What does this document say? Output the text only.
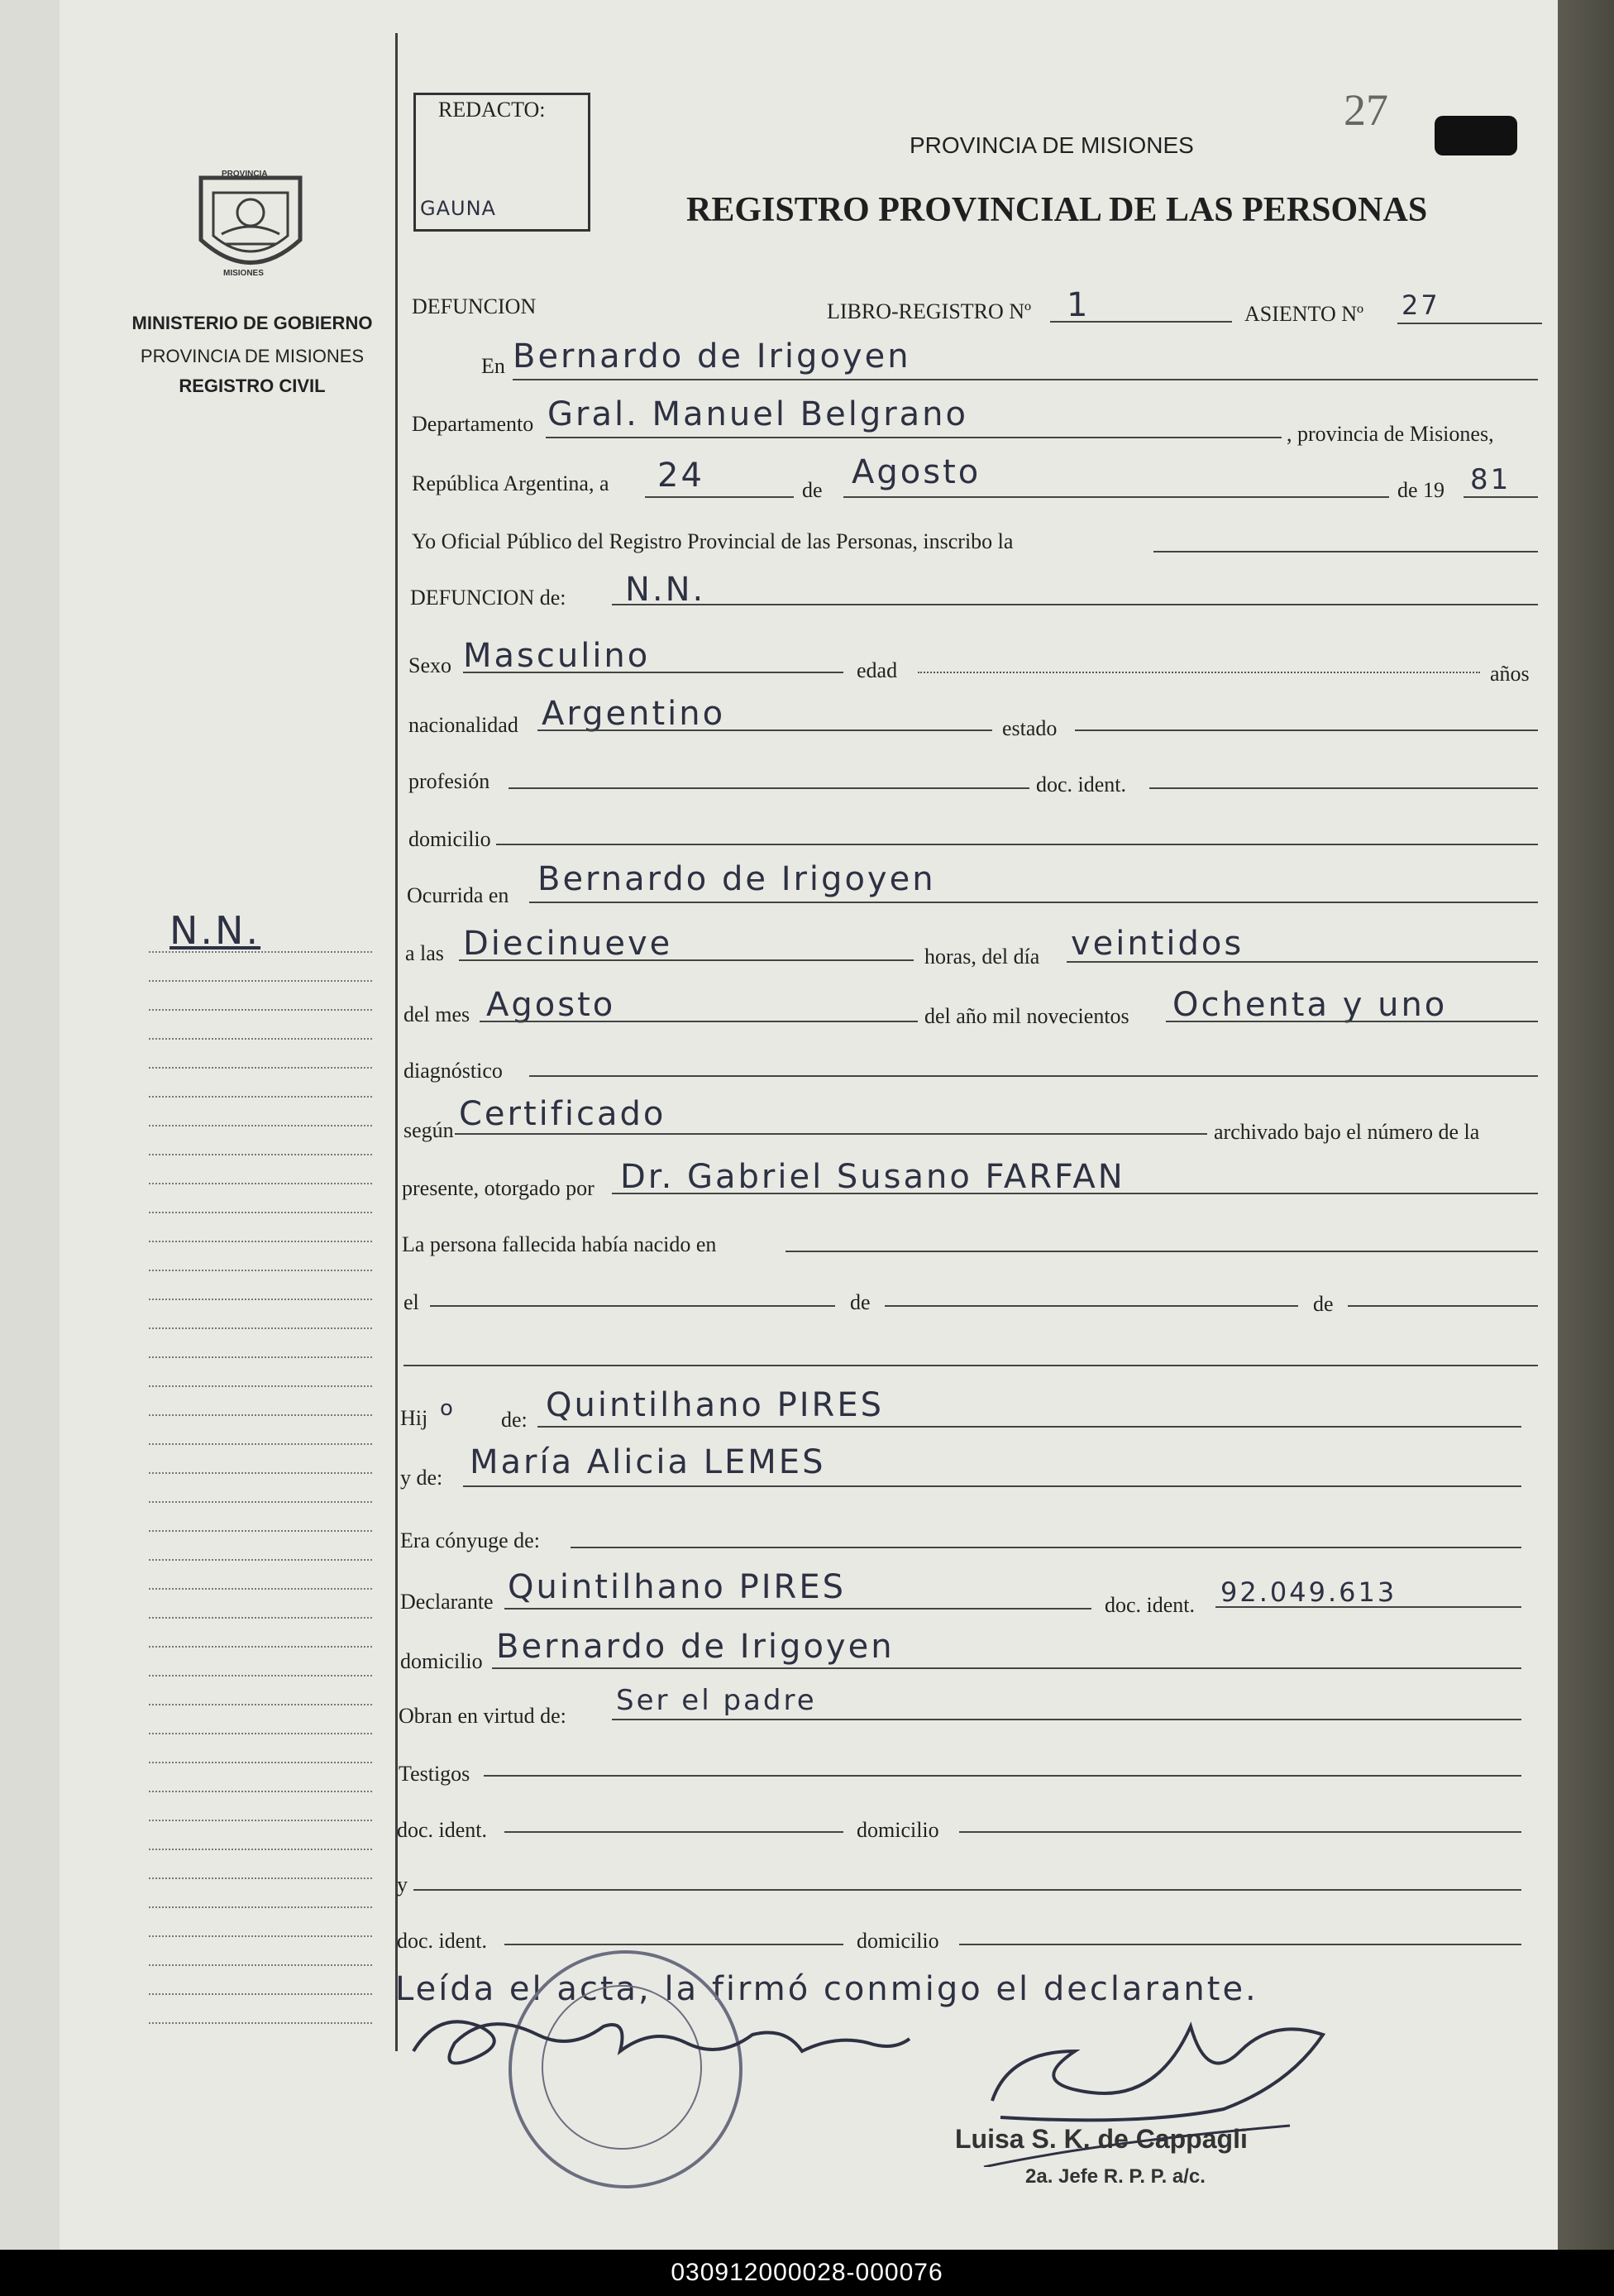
REDACTO:
GAUNA
27
PROVINCIA DE MISIONES
REGISTRO PROVINCIAL DE LAS PERSONAS
PROVINCIA
MISIONES
MINISTERIO DE GOBIERNO
PROVINCIA DE MISIONES
REGISTRO CIVIL
N.N.
DEFUNCION	LIBRO-REGISTRO Nº 1	ASIENTO Nº 27
En Bernardo de Irigoyen
Departamento Gral. Manuel Belgrano
, provincia de Misiones,
República Argentina, a 24	de Agosto	de 19 81
Yo Oficial Público del Registro Provincial de las Personas, inscribo la
DEFUNCION de: N.N.
Sexo Masculino	edad	años
nacionalidad Argentino	estado
profesión	doc. ident.
domicilio
Ocurrida en Bernardo de Irigoyen
a las Diecinueve	horas, del día veintidos
del mes Agosto	del año mil novecientos Ochenta y uno
diagnóstico
según Certificado	archivado bajo el número de la
presente, otorgado por Dr. Gabriel Susano FARFAN
La persona fallecida había nacido en
el	de	de
Hij o de: Quintilhano PIRES
y de: María Alicia LEMES
Era cónyuge de:
Declarante Quintilhano PIRES	doc. ident. 92.049.613
domicilio Bernardo de Irigoyen
Obran en virtud de: Ser el padre
Testigos
doc. ident.	domicilio
y
doc. ident.	domicilio
Leída el acta, la firmó conmigo el declarante.
Luisa S. K. de Cappagli
2a. Jefe R. P. P. a/c.
030912000028-000076
